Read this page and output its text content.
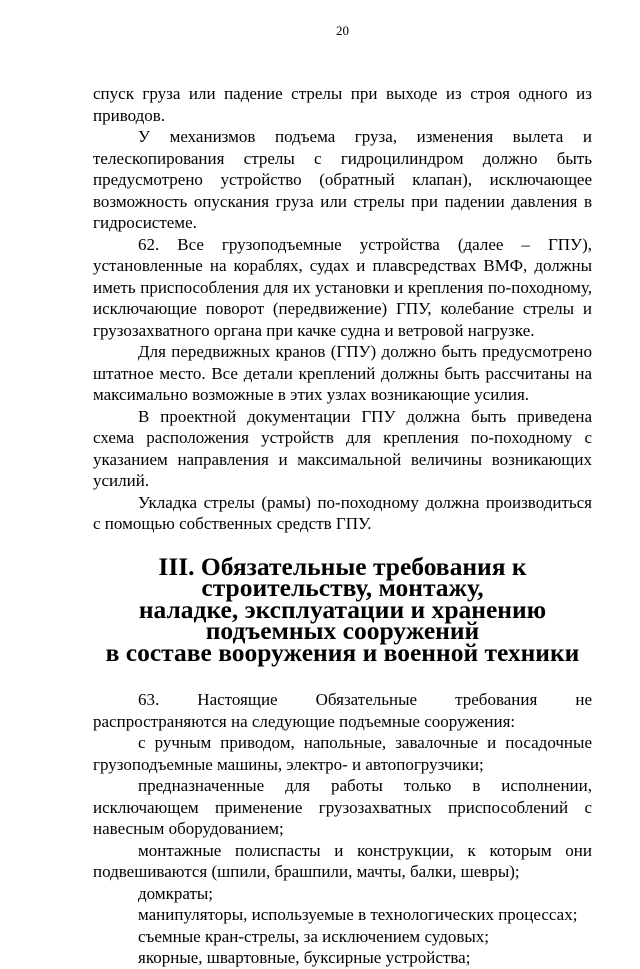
20

спуск груза или падение стрелы при выходе из строя одного из приводов.

У механизмов подъема груза, изменения вылета и телескопирования стрелы с гидроцилиндром должно быть предусмотрено устройство (обратный клапан), исключающее возможность опускания груза или стрелы при падении давления в гидросистеме.

62. Все грузоподъемные устройства (далее – ГПУ), установленные на кораблях, судах и плавсредствах ВМФ, должны иметь приспособления для их установки и крепления по-походному, исключающие поворот (передвижение) ГПУ, колебание стрелы и грузозахватного органа при качке судна и ветровой нагрузке.

Для передвижных кранов (ГПУ) должно быть предусмотрено штатное место. Все детали креплений должны быть рассчитаны на максимально возможные в этих узлах возникающие усилия.

В проектной документации ГПУ должна быть приведена схема расположения устройств для крепления по-походному с указанием направления и максимальной величины возникающих усилий.

Укладка стрелы (рамы) по-походному должна производиться с помощью собственных средств ГПУ.

III. Обязательные требования к строительству, монтажу,
наладке, эксплуатации и хранению подъемных сооружений
в составе вооружения и военной техники

63. Настоящие Обязательные требования не распространяются на следующие подъемные сооружения:

с ручным приводом, напольные, завалочные и посадочные грузоподъемные машины, электро- и автопогрузчики;

предназначенные для работы только в исполнении, исключающем применение грузозахватных приспособлений с навесным оборудованием;

монтажные полиспасты и конструкции, к которым они подвешиваются (шпили, брашпили, мачты, балки, шевры);

домкраты;

манипуляторы, используемые в технологических процессах;

съемные кран-стрелы, за исключением судовых;

якорные, швартовные, буксирные устройства;
